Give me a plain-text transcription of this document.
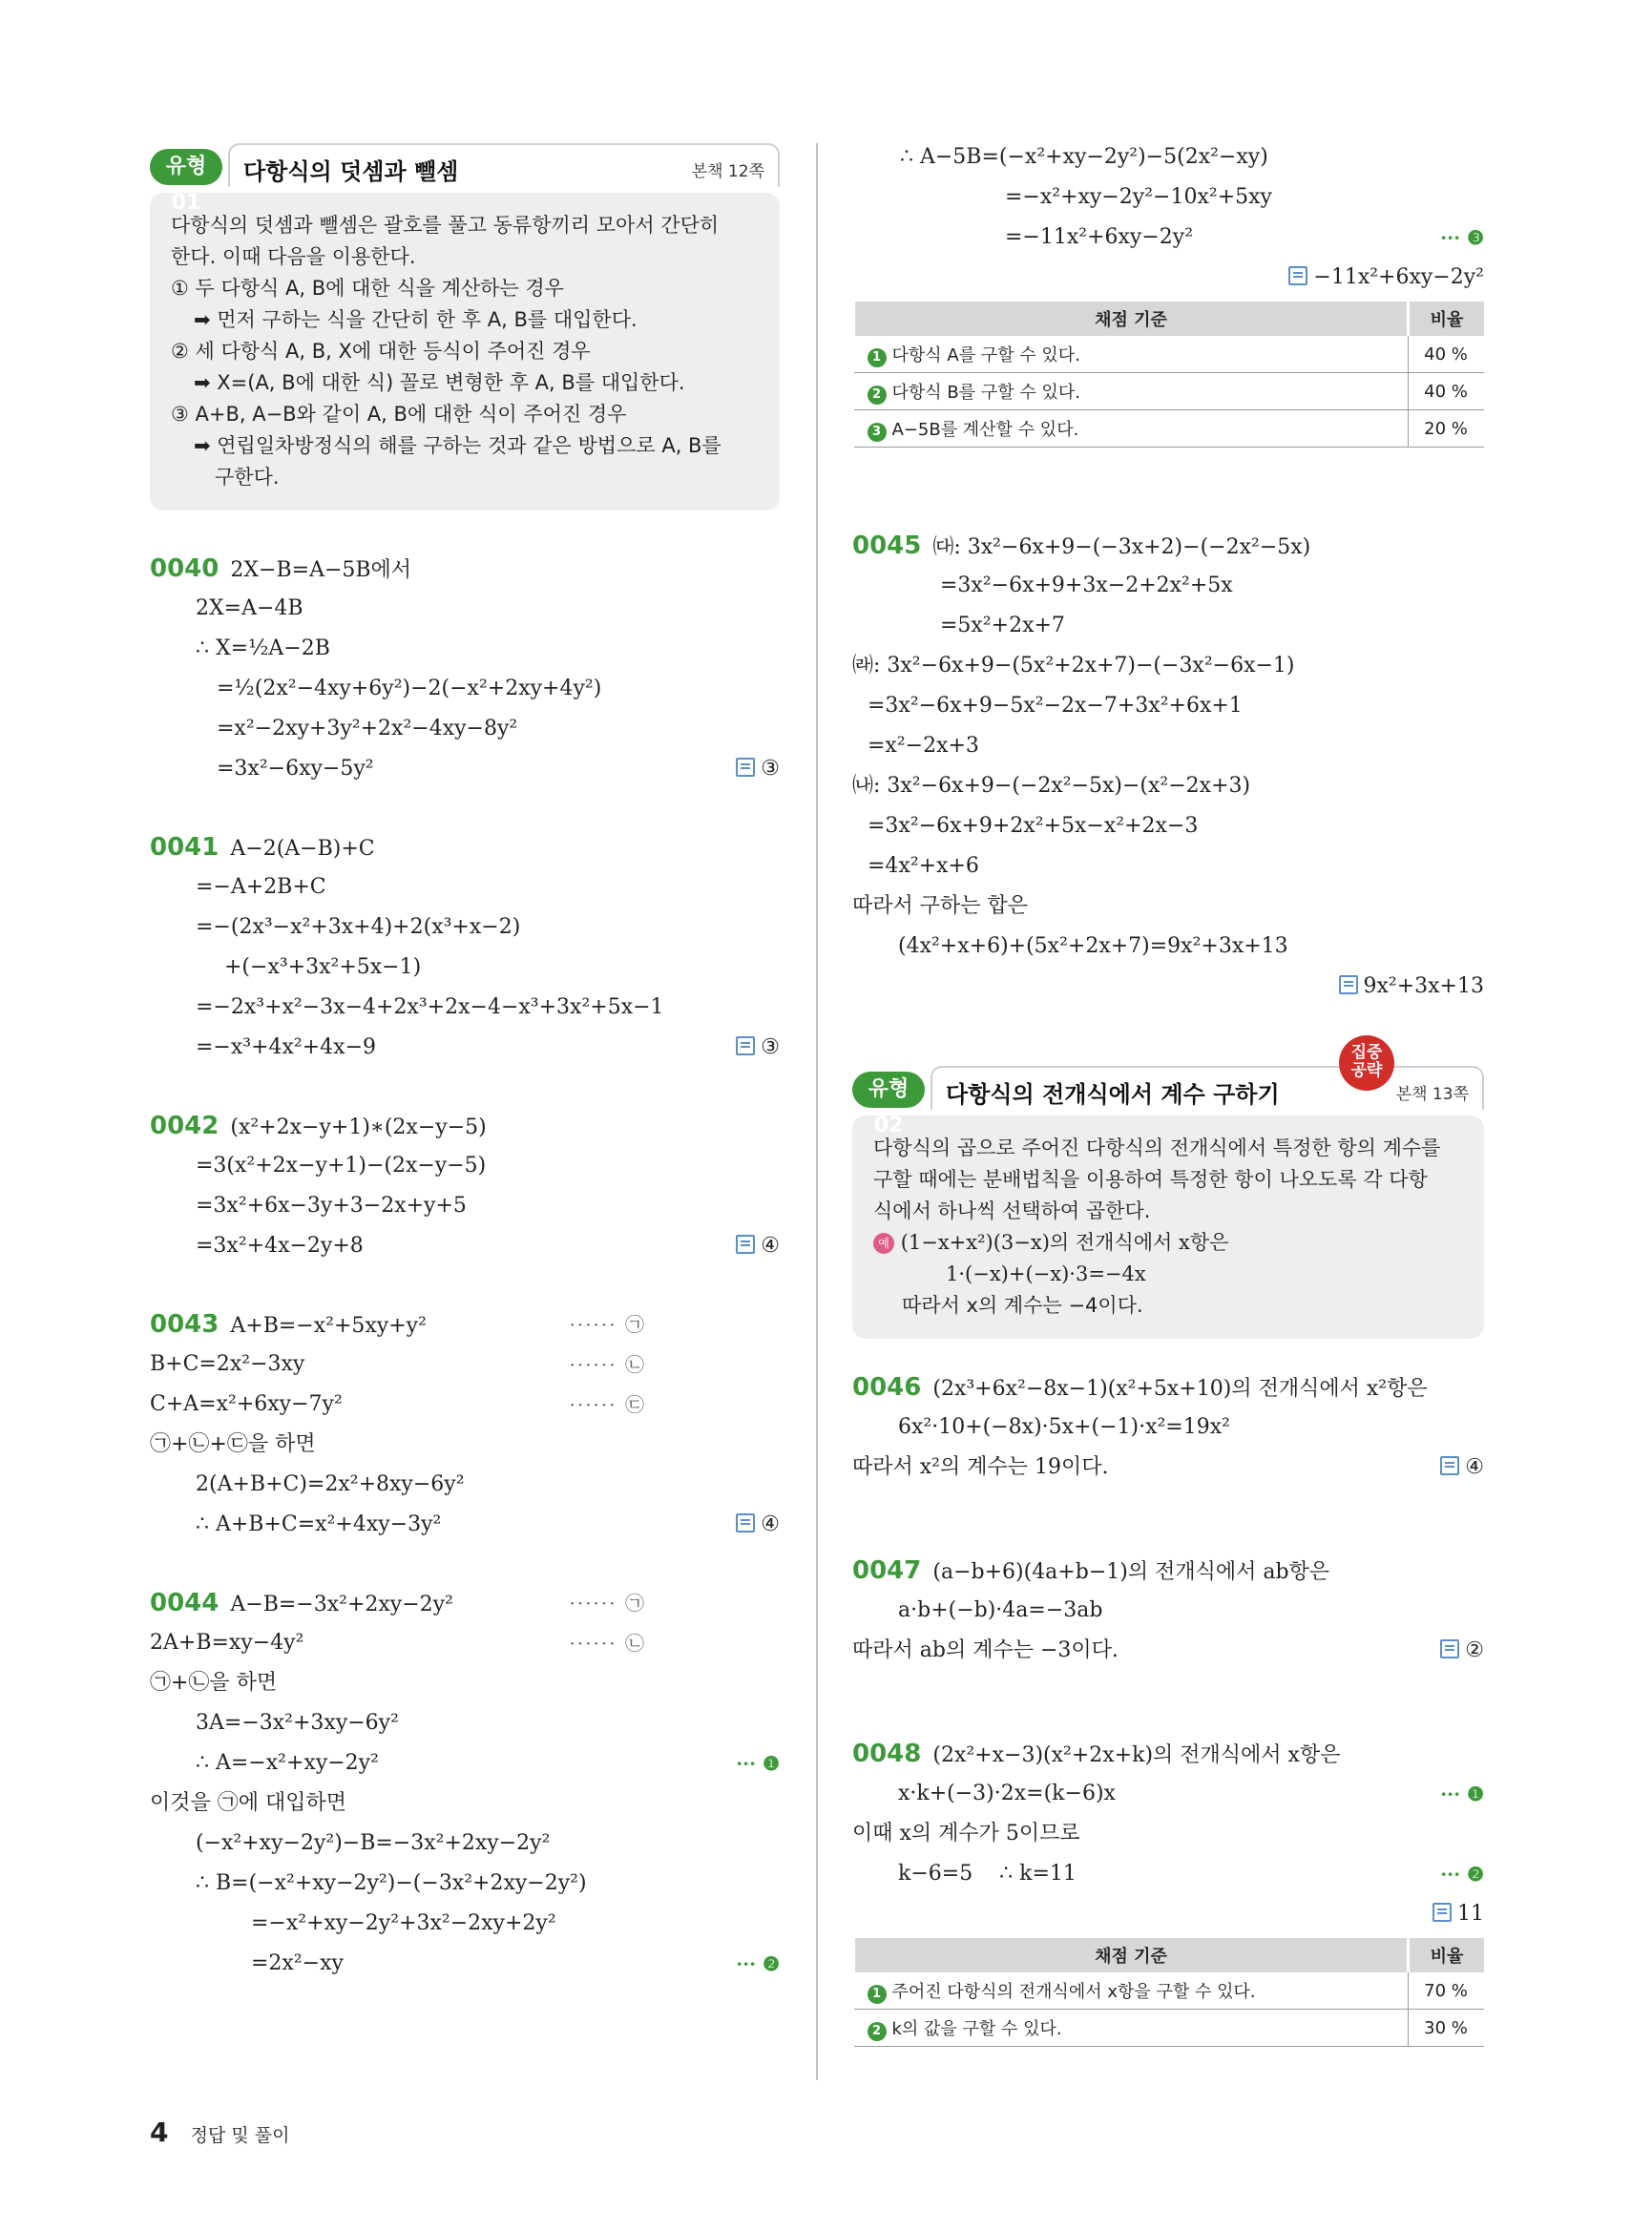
유형 01
다항식의 덧셈과 뺄셈	본책 12쪽
다항식의 덧셈과 뺄셈은 괄호를 풀고 동류항끼리 모아서 간단히
한다. 이때 다음을 이용한다.
① 두 다항식 A, B에 대한 식을 계산하는 경우
➡ 먼저 구하는 식을 간단히 한 후 A, B를 대입한다.
② 세 다항식 A, B, X에 대한 등식이 주어진 경우
➡ X=(A, B에 대한 식) 꼴로 변형한 후 A, B를 대입한다.
③ A+B, A−B와 같이 A, B에 대한 식이 주어진 경우
➡ 연립일차방정식의 해를 구하는 것과 같은 방법으로 A, B를
구한다.
0040 2X−B=A−5B에서
2X=A−4B
∴ X=½A−2B
=½(2x²−4xy+6y²)−2(−x²+2xy+4y²)
=x²−2xy+3y²+2x²−4xy−8y²
=3x²−6xy−5y²	③
0041 A−2(A−B)+C
=−A+2B+C
=−(2x³−x²+3x+4)+2(x³+x−2)
+(−x³+3x²+5x−1)
=−2x³+x²−3x−4+2x³+2x−4−x³+3x²+5x−1
=−x³+4x²+4x−9	③
0042 (x²+2x−y+1)∗(2x−y−5)
=3(x²+2x−y+1)−(2x−y−5)
=3x²+6x−3y+3−2x+y+5
=3x²+4x−2y+8	④
0043 A+B=−x²+5xy+y²	······ ㉠
B+C=2x²−3xy	······ ㉡
C+A=x²+6xy−7y²	······ ㉢
㉠+㉡+㉢을 하면
2(A+B+C)=2x²+8xy−6y²
∴ A+B+C=x²+4xy−3y²	④
0044 A−B=−3x²+2xy−2y²	······ ㉠
2A+B=xy−4y²	······ ㉡
㉠+㉡을 하면
3A=−3x²+3xy−6y²
∴ A=−x²+xy−2y²	··· ❶
이것을 ㉠에 대입하면
(−x²+xy−2y²)−B=−3x²+2xy−2y²
∴ B=(−x²+xy−2y²)−(−3x²+2xy−2y²)
=−x²+xy−2y²+3x²−2xy+2y²
=2x²−xy	··· ❷
∴ A−5B=(−x²+xy−2y²)−5(2x²−xy)
=−x²+xy−2y²−10x²+5xy
=−11x²+6xy−2y²	··· ❸
−11x²+6xy−2y²
채점 기준	비율
1 다항식 A를 구할 수 있다.	40 %
2 다항식 B를 구할 수 있다.	40 %
3 A−5B를 계산할 수 있다.	20 %
0045 ㈐: 3x²−6x+9−(−3x+2)−(−2x²−5x)
=3x²−6x+9+3x−2+2x²+5x
=5x²+2x+7
㈑: 3x²−6x+9−(5x²+2x+7)−(−3x²−6x−1)
=3x²−6x+9−5x²−2x−7+3x²+6x+1
=x²−2x+3
㈏: 3x²−6x+9−(−2x²−5x)−(x²−2x+3)
=3x²−6x+9+2x²+5x−x²+2x−3
=4x²+x+6
따라서 구하는 합은
(4x²+x+6)+(5x²+2x+7)=9x²+3x+13
9x²+3x+13
유형 02
다항식의 전개식에서 계수 구하기
집중
공략
본책 13쪽
다항식의 곱으로 주어진 다항식의 전개식에서 특정한 항의 계수를
구할 때에는 분배법칙을 이용하여 특정한 항이 나오도록 각 다항
식에서 하나씩 선택하여 곱한다.
예 (1−x+x²)(3−x)의 전개식에서 x항은
1·(−x)+(−x)·3=−4x
따라서 x의 계수는 −4이다.
0046 (2x³+6x²−8x−1)(x²+5x+10)의 전개식에서 x²항은
6x²·10+(−8x)·5x+(−1)·x²=19x²
따라서 x²의 계수는 19이다.	④
0047 (a−b+6)(4a+b−1)의 전개식에서 ab항은
a·b+(−b)·4a=−3ab
따라서 ab의 계수는 −3이다.	②
0048 (2x²+x−3)(x²+2x+k)의 전개식에서 x항은
x·k+(−3)·2x=(k−6)x	··· ❶
이때 x의 계수가 5이므로
k−6=5    ∴ k=11	··· ❷
11
채점 기준	비율
1 주어진 다항식의 전개식에서 x항을 구할 수 있다.	70 %
2 k의 값을 구할 수 있다.	30 %
4 정답 및 풀이
